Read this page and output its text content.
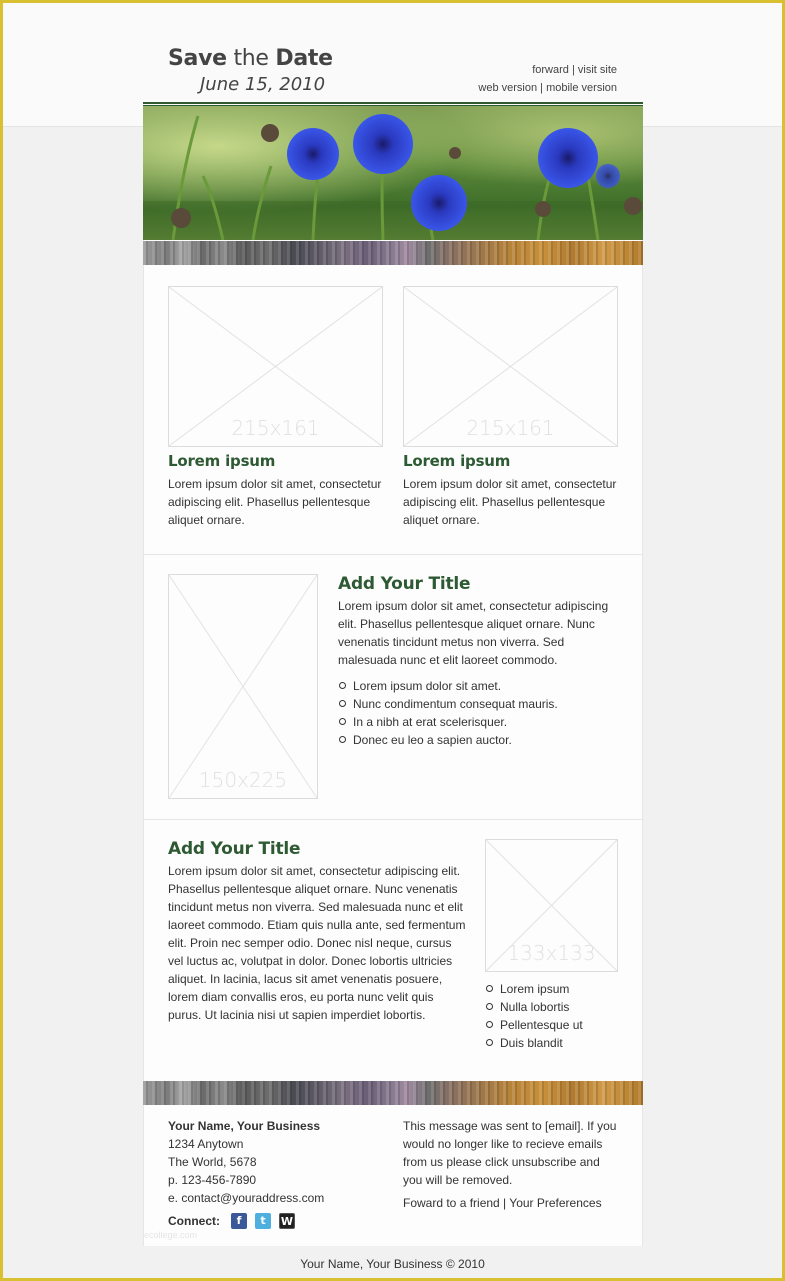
Save the Date
June 15, 2010
forward | visit site
web version | mobile version
215x161	215x161
Lorem ipsum	Lorem ipsum
Lorem ipsum dolor sit amet, consectetur adipiscing elit. Phasellus pellentesque aliquet ornare.
Lorem ipsum dolor sit amet, consectetur adipiscing elit. Phasellus pellentesque aliquet ornare.
150x225
Add Your Title
Lorem ipsum dolor sit amet, consectetur adipiscing elit. Phasellus pellentesque aliquet ornare. Nunc venenatis tincidunt metus non viverra. Sed malesuada nunc et elit laoreet commodo.
Lorem ipsum dolor sit amet.
Nunc condimentum consequat mauris.
In a nibh at erat scelerisquer.
Donec eu leo a sapien auctor.
Add Your Title
Lorem ipsum dolor sit amet, consectetur adipiscing elit. Phasellus pellentesque aliquet ornare. Nunc venenatis tincidunt metus non viverra. Sed malesuada nunc et elit laoreet commodo. Etiam quis nulla ante, sed fermentum elit. Proin nec semper odio. Donec nisl neque, cursus vel luctus ac, volutpat in dolor. Donec lobortis ultricies aliquet. In lacinia, lacus sit amet venenatis posuere, lorem diam convallis eros, eu porta nunc velit quis purus. Ut lacinia nisi ut sapien imperdiet lobortis.
133x133
Lorem ipsum
Nulla lobortis
Pellentesque ut
Duis blandit
Your Name, Your Business
1234 Anytown
The World, 5678
p. 123-456-7890
e. contact@youraddress.com
Connect:	f	t	W
This message was sent to [email]. If you would no longer like to recieve emails from us please click unsubscribe and you will be removed.
Foward to a friend | Your Preferences
ecollege.com
Your Name, Your Business © 2010
